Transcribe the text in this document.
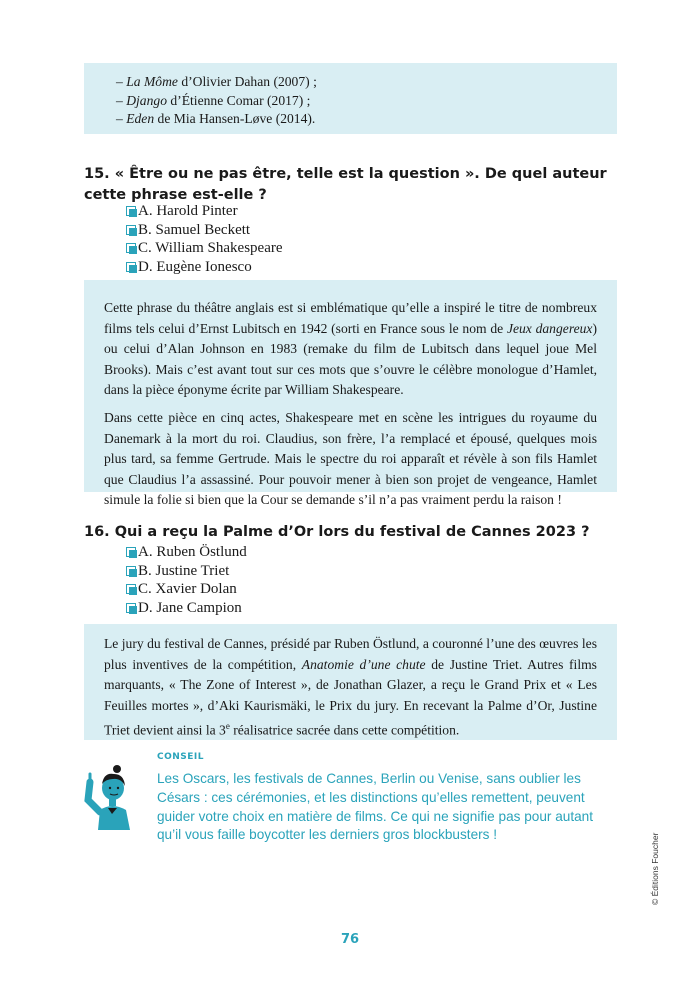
– La Môme d’Olivier Dahan (2007) ;
– Django d’Étienne Comar (2017) ;
– Eden de Mia Hansen-Løve (2014).
15. « Être ou ne pas être, telle est la question ». De quel auteur cette phrase est-elle ?
A. Harold Pinter
B. Samuel Beckett
C. William Shakespeare
D. Eugène Ionesco

Cette phrase du théâtre anglais est si emblématique qu’elle a inspiré le titre de nombreux films tels celui d’Ernst Lubitsch en 1942 (sorti en France sous le nom de Jeux dangereux) ou celui d’Alan Johnson en 1983 (remake du film de Lubitsch dans lequel joue Mel Brooks). Mais c’est avant tout sur ces mots que s’ouvre le célèbre monologue d’Hamlet, dans la pièce éponyme écrite par William Shakespeare.

Dans cette pièce en cinq actes, Shakespeare met en scène les intrigues du royaume du Danemark à la mort du roi. Claudius, son frère, l’a remplacé et épousé, quelques mois plus tard, sa femme Gertrude. Mais le spectre du roi apparaît et révèle à son fils Hamlet que Claudius l’a assassiné. Pour pouvoir mener à bien son projet de vengeance, Hamlet simule la folie si bien que la Cour se demande s’il n’a pas vraiment perdu la raison !

16. Qui a reçu la Palme d’Or lors du festival de Cannes 2023 ?
A. Ruben Östlund
B. Justine Triet
C. Xavier Dolan
D. Jane Campion

Le jury du festival de Cannes, présidé par Ruben Östlund, a couronné l’une des œuvres les plus inventives de la compétition, Anatomie d’une chute de Justine Triet. Autres films marquants, « The Zone of Interest », de Jonathan Glazer, a reçu le Grand Prix et « Les Feuilles mortes », d’Aki Kaurismäki, le Prix du jury. En recevant la Palme d’Or, Justine Triet devient ainsi la 3e réalisatrice sacrée dans cette compétition.

CONSEIL
Les Oscars, les festivals de Cannes, Berlin ou Venise, sans oublier les Césars : ces cérémonies, et les distinctions qu’elles remettent, peuvent guider votre choix en matière de films. Ce qui ne signifie pas pour autant qu’il vous faille boycotter les derniers gros blockbusters !
76
© Éditions Foucher
